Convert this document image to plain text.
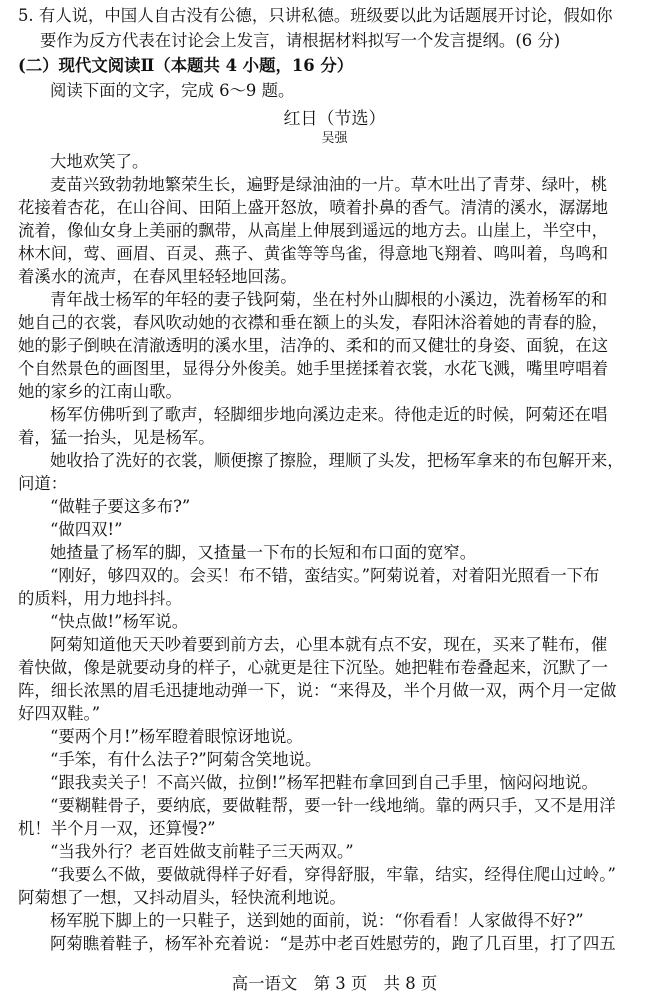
5. 有人说，中国人自古没有公德，只讲私德。班级要以此为话题展开讨论，假如你
要作为反方代表在讨论会上发言，请根据材料拟写一个发言提纲。(6 分)
(二）现代文阅读Ⅱ（本题共 4 小题，16 分）
阅读下面的文字，完成 6～9 题。
红日（节选）
吴强
高一语文　第 3 页　共 8 页
大地欢笑了。
麦苗兴致勃勃地繁荣生长，遍野是绿油油的一片。草木吐出了青芽、绿叶，桃
花接着杏花，在山谷间、田陌上盛开怒放，喷着扑鼻的香气。清清的溪水，潺潺地
流着，像仙女身上美丽的飘带，从高崖上伸展到遥远的地方去。山崖上，半空中，
林木间，莺、画眉、百灵、燕子、黄雀等等鸟雀，得意地飞翔着、鸣叫着，鸟鸣和
着溪水的流声，在春风里轻轻地回荡。
青年战士杨军的年轻的妻子钱阿菊，坐在村外山脚根的小溪边，洗着杨军的和
她自己的衣裳，春风吹动她的衣襟和垂在额上的头发，春阳沐浴着她的青春的脸，
她的影子倒映在清澈透明的溪水里，洁净的、柔和的而又健壮的身姿、面貌，在这
个自然景色的画图里，显得分外俊美。她手里搓揉着衣裳，水花飞溅，嘴里哼唱着
她的家乡的江南山歌。
杨军仿佛听到了歌声，轻脚细步地向溪边走来。待他走近的时候，阿菊还在唱
着，猛一抬头，见是杨军。
她收拾了洗好的衣裳，顺便擦了擦脸，理顺了头发，把杨军拿来的布包解开来，
问道：
“做鞋子要这多布?”
“做四双!”
她揸量了杨军的脚，又揸量一下布的长短和布口面的宽窄。
“刚好，够四双的。会买！布不错，蛮结实。”阿菊说着，对着阳光照看一下布
的质料，用力地抖抖。
“快点做!”杨军说。
阿菊知道他天天吵着要到前方去，心里本就有点不安，现在，买来了鞋布，催
着快做，像是就要动身的样子，心就更是往下沉坠。她把鞋布卷叠起来，沉默了一
阵，细长浓黑的眉毛迅捷地动弹一下，说：“来得及，半个月做一双，两个月一定做
好四双鞋。”
“要两个月!”杨军瞪着眼惊讶地说。
“手笨，有什么法子?”阿菊含笑地说。
“跟我卖关子！不高兴做，拉倒!”杨军把鞋布拿回到自己手里，恼闷闷地说。
“要糊鞋骨子，要纳底，要做鞋帮，要一针一线地绱。靠的两只手，又不是用洋
机！半个月一双，还算慢?”
“当我外行？老百姓做支前鞋子三天两双。”
“我要么不做，要做就得样子好看，穿得舒服，牢靠，结实，经得住爬山过岭。”
阿菊想了一想，又抖动眉头，轻快流利地说。
杨军脱下脚上的一只鞋子，送到她的面前，说：“你看看！人家做得不好?”
阿菊瞧着鞋子，杨军补充着说：“是苏中老百姓慰劳的，跑了几百里，打了四五
